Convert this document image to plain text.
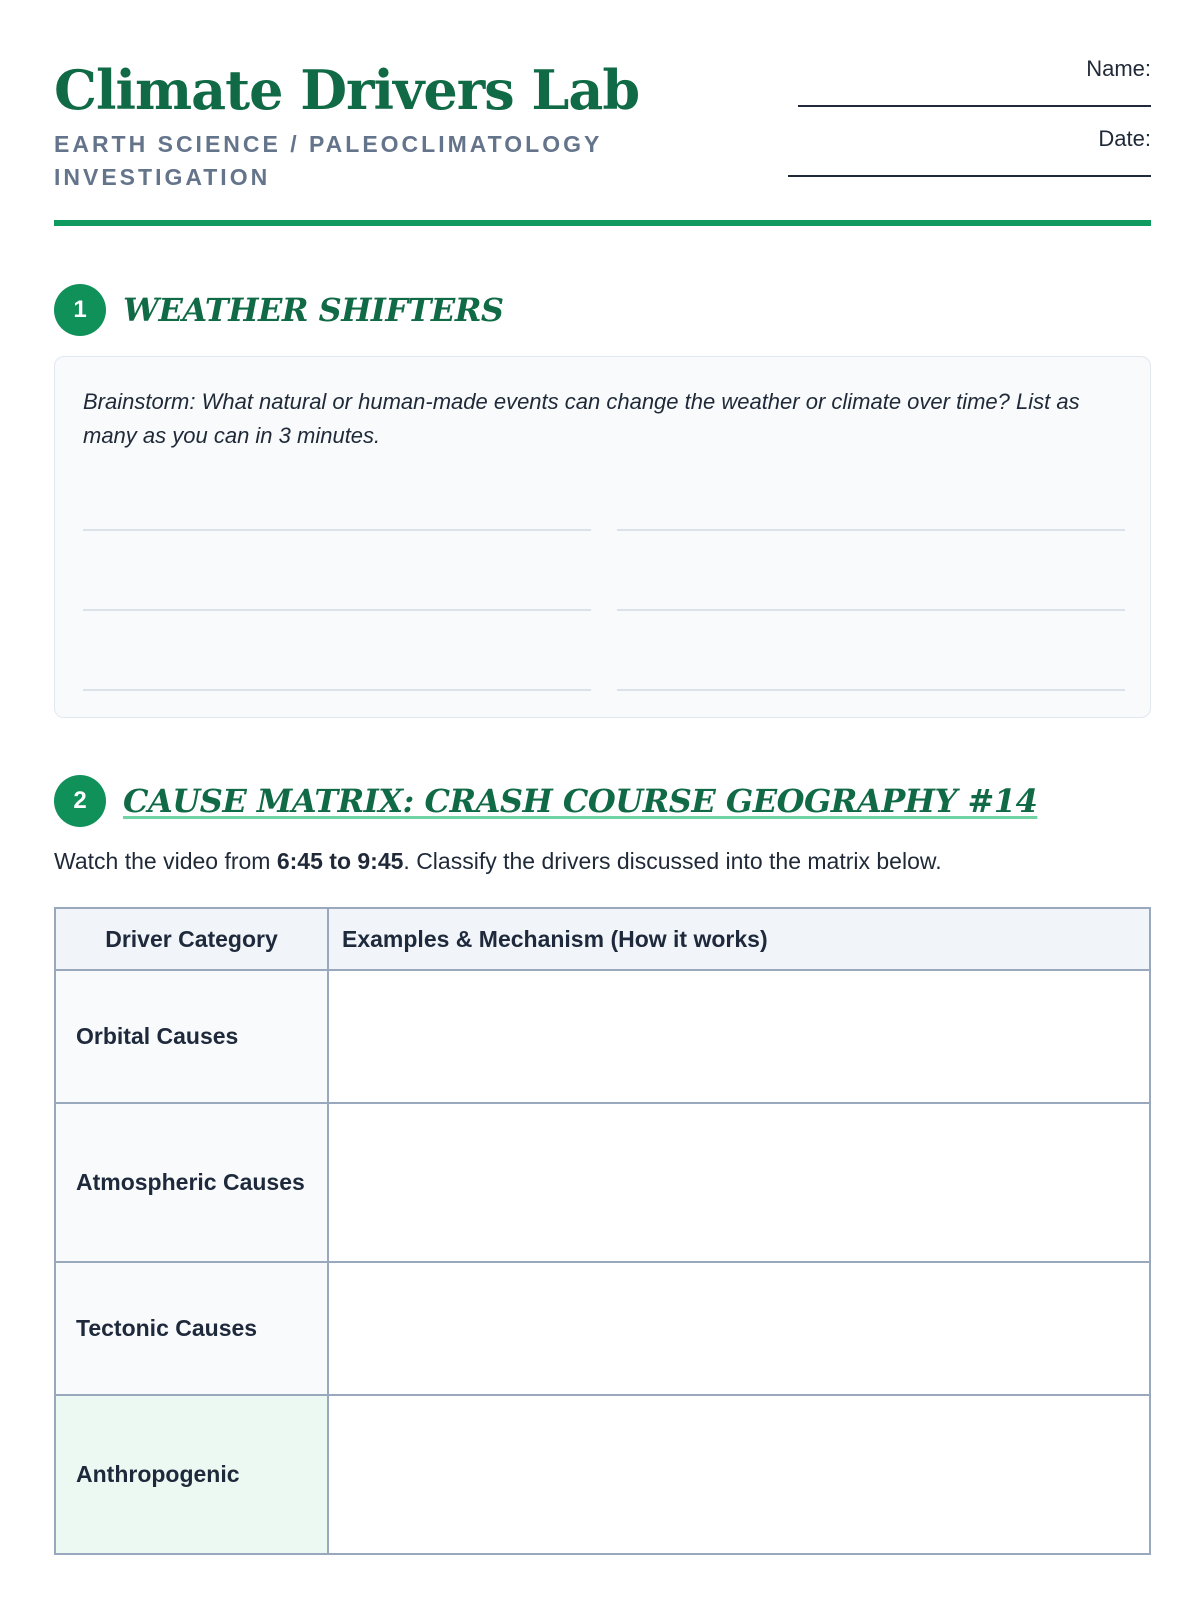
Climate Drivers Lab

EARTH SCIENCE / PALEOCLIMATOLOGY INVESTIGATION

Name:
Date:
1	WEATHER SHIFTERS

Brainstorm: What natural or human-made events can change the weather or climate over time? List as many as you can in 3 minutes.

2	CAUSE MATRIX: CRASH COURSE GEOGRAPHY #14

Watch the video from 6:45 to 9:45. Classify the drivers discussed into the matrix below.

Driver Category	Examples & Mechanism (How it works)
Orbital Causes	
Atmospheric Causes	
Tectonic Causes	
Anthropogenic	
